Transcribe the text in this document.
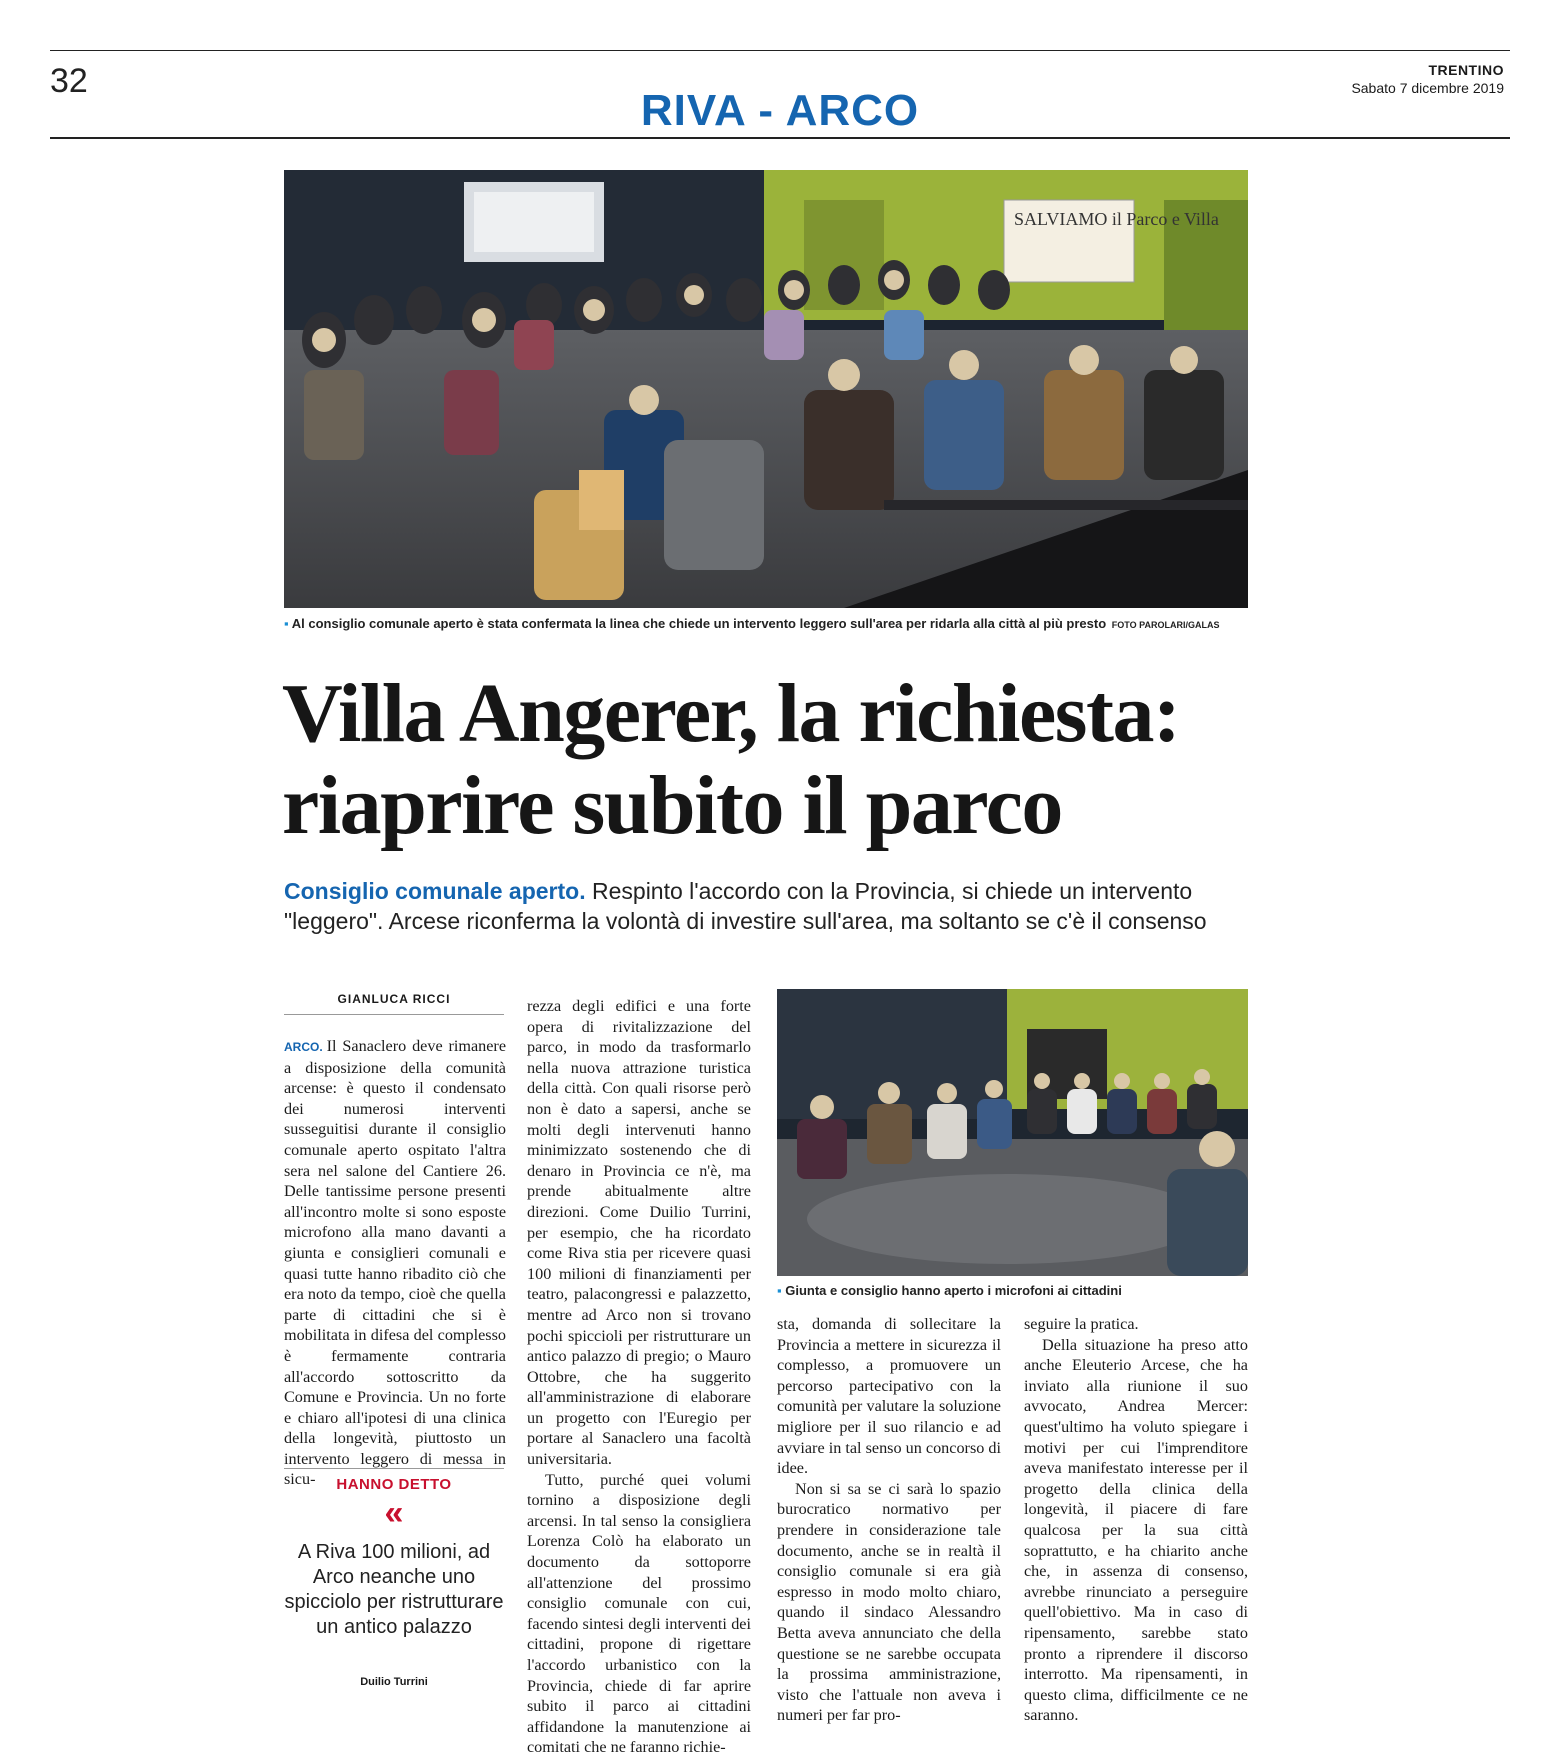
32	TRENTINO
Sabato 7 dicembre 2019
RIVA - ARCO
SALVIAMO il Parco e Villa
▪ Al consiglio comunale aperto è stata confermata la linea che chiede un intervento leggero sull'area per ridarla alla città al più presto FOTO PAROLARI/GALAS
Villa Angerer, la richiesta:
riaprire subito il parco
Consiglio comunale aperto. Respinto l'accordo con la Provincia, si chiede un intervento "leggero". Arcese riconferma la volontà di investire sull'area, ma soltanto se c'è il consenso
GIANLUCA RICCI

ARCO. Il Sanaclero deve rimanere a disposizione della comunità arcense: è questo il condensato dei numerosi interventi susseguitisi durante il consiglio comunale aperto ospitato l'altra sera nel salone del Cantiere 26. Delle tantissime persone presenti all'incontro molte si sono esposte microfono alla mano davanti a giunta e consiglieri comunali e quasi tutte hanno ribadito ciò che era noto da tempo, cioè che quella parte di cittadini che si è mobilitata in difesa del complesso è fermamente contraria all'accordo sottoscritto da Comune e Provincia. Un no forte e chiaro all'ipotesi di una clinica della longevità, piuttosto un intervento leggero di messa in sicu-	HANNO DETTO
«
A Riva 100 milioni, ad Arco neanche uno spicciolo per ristrutturare un antico palazzo
Duilio Turrini

rezza degli edifici e una forte opera di rivitalizzazione del parco, in modo da trasformarlo nella nuova attrazione turistica della città. Con quali risorse però non è dato a sapersi, anche se molti degli intervenuti hanno minimizzato sostenendo che di denaro in Provincia ce n'è, ma prende abitualmente altre direzioni. Come Duilio Turrini, per esempio, che ha ricordato come Riva stia per ricevere quasi 100 milioni di finanziamenti per teatro, palacongressi e palazzetto, mentre ad Arco non si trovano pochi spiccioli per ristrutturare un antico palazzo di pregio; o Mauro Ottobre, che ha suggerito all'amministrazione di elaborare un progetto con l'Euregio per portare al Sanaclero una facoltà universitaria.

Tutto, purché quei volumi tornino a disposizione degli arcensi. In tal senso la consigliera Lorenza Colò ha elaborato un documento da sottoporre all'attenzione del prossimo consiglio comunale con cui, facendo sintesi degli interventi dei cittadini, propone di rigettare l'accordo urbanistico con la Provincia, chiede di far aprire subito il parco ai cittadini affidandone la manutenzione ai comitati che ne faranno richie-

▪ Giunta e consiglio hanno aperto i microfoni ai cittadini

sta, domanda di sollecitare la Provincia a mettere in sicurezza il complesso, a promuovere un percorso partecipativo con la comunità per valutare la soluzione migliore per il suo rilancio e ad avviare in tal senso un concorso di idee.

Non si sa se ci sarà lo spazio burocratico normativo per prendere in considerazione tale documento, anche se in realtà il consiglio comunale si era già espresso in modo molto chiaro, quando il sindaco Alessandro Betta aveva annunciato che della questione se ne sarebbe occupata la prossima amministrazione, visto che l'attuale non aveva i numeri per far pro-

seguire la pratica.

Della situazione ha preso atto anche Eleuterio Arcese, che ha inviato alla riunione il suo avvocato, Andrea Mercer: quest'ultimo ha voluto spiegare i motivi per cui l'imprenditore aveva manifestato interesse per il progetto della clinica della longevità, il piacere di fare qualcosa per la sua città soprattutto, e ha chiarito anche che, in assenza di consenso, avrebbe rinunciato a perseguire quell'obiettivo. Ma in caso di ripensamento, sarebbe stato pronto a riprendere il discorso interrotto. Ma ripensamenti, in questo clima, difficilmente ce ne saranno.
